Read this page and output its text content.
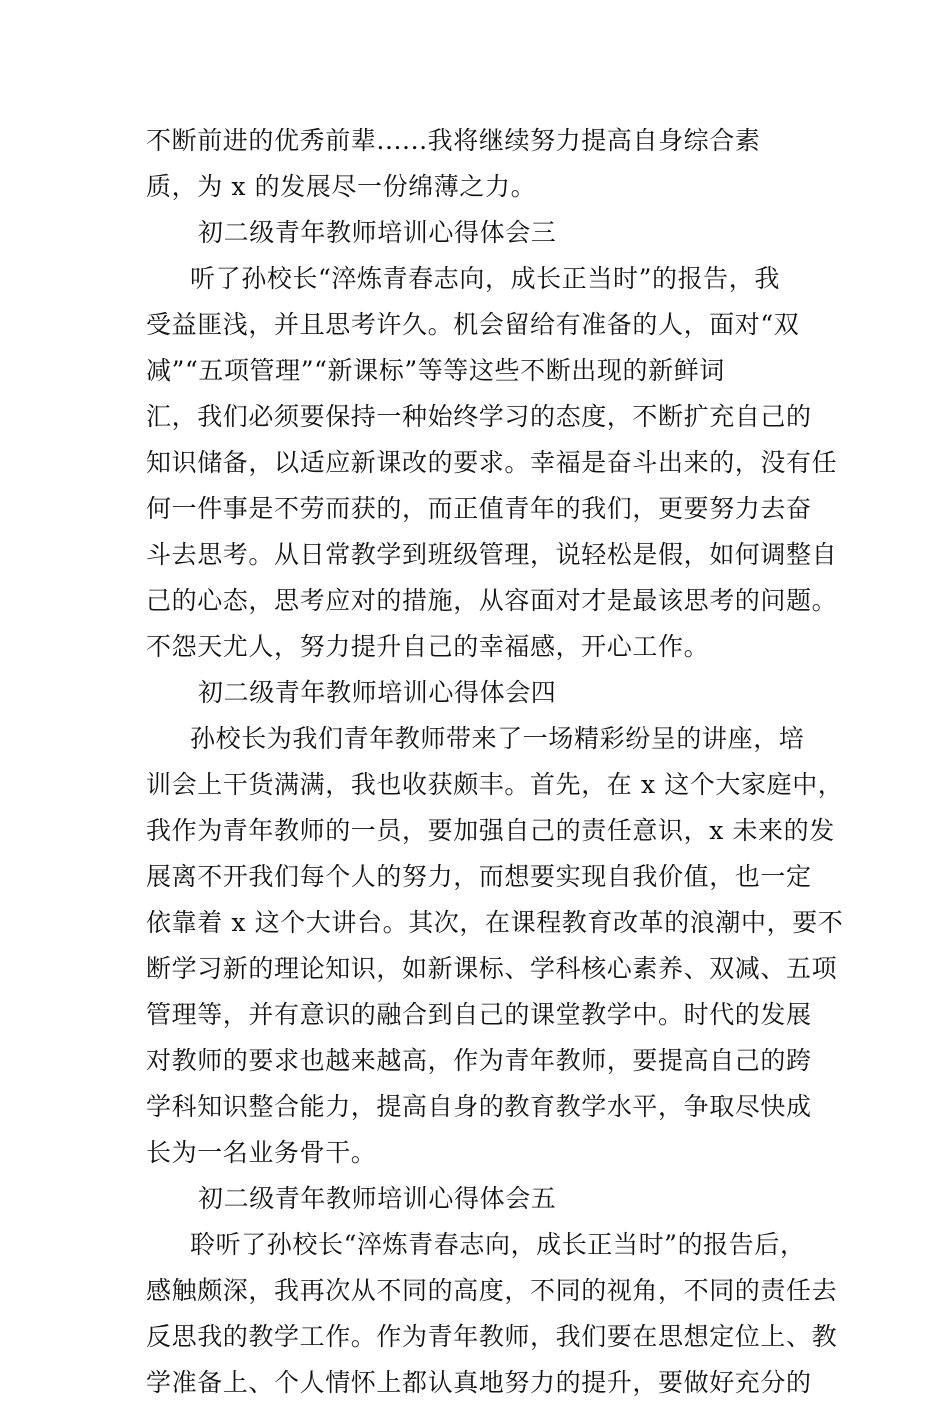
不断前进的优秀前辈......我将继续努力提高自身综合素
质，为 x 的发展尽一份绵薄之力。
初二级青年教师培训心得体会三
听了孙校长“淬炼青春志向，成长正当时”的报告，我
受益匪浅，并且思考许久。机会留给有准备的人，面对“双
减”“五项管理”“新课标”等等这些不断出现的新鲜词
汇，我们必须要保持一种始终学习的态度，不断扩充自己的
知识储备，以适应新课改的要求。幸福是奋斗出来的，没有任
何一件事是不劳而获的，而正值青年的我们，更要努力去奋
斗去思考。从日常教学到班级管理，说轻松是假，如何调整自
己的心态，思考应对的措施，从容面对才是最该思考的问题。
不怨天尤人，努力提升自己的幸福感，开心工作。
初二级青年教师培训心得体会四
孙校长为我们青年教师带来了一场精彩纷呈的讲座，培
训会上干货满满，我也收获颇丰。首先，在 x 这个大家庭中，
我作为青年教师的一员，要加强自己的责任意识，x 未来的发
展离不开我们每个人的努力，而想要实现自我价值，也一定
依靠着 x 这个大讲台。其次，在课程教育改革的浪潮中，要不
断学习新的理论知识，如新课标、学科核心素养、双减、五项
管理等，并有意识的融合到自己的课堂教学中。时代的发展
对教师的要求也越来越高，作为青年教师，要提高自己的跨
学科知识整合能力，提高自身的教育教学水平，争取尽快成
长为一名业务骨干。
初二级青年教师培训心得体会五
聆听了孙校长“淬炼青春志向，成长正当时”的报告后，
感触颇深，我再次从不同的高度，不同的视角，不同的责任去
反思我的教学工作。作为青年教师，我们要在思想定位上、教
学准备上、个人情怀上都认真地努力的提升，要做好充分的
